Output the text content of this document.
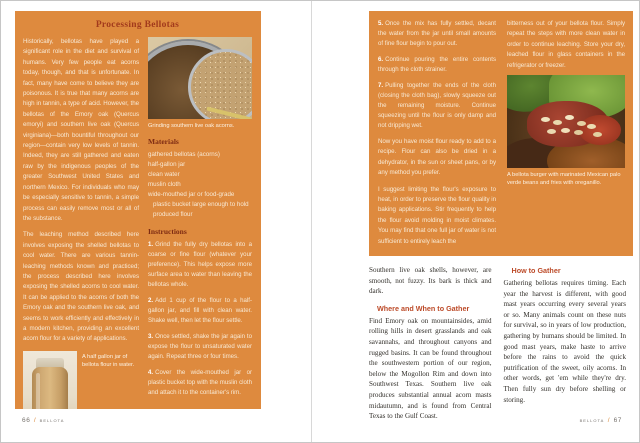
Processing Bellotas

Historically, bellotas have played a significant role in the diet and survival of humans. Very few people eat acorns today, though, and that is unfortunate. In fact, many have come to believe they are poisonous. It is true that many acorns are high in tannin, a type of acid. However, the bellotas of the Emory oak (Quercus emoryi) and southern live oak (Quercus virginiana)—both bountiful throughout our region—contain very low levels of tannin. Indeed, they are still gathered and eaten raw by the indigenous peoples of the greater Southwest United States and northern Mexico. For individuals who may be especially sensitive to tannin, a simple process can easily remove most or all of the substance.

The leaching method described here involves exposing the shelled bellotas to cool water. There are various tannin-leaching methods known and practiced; the process described here involves exposing the shelled acorns to cool water. It can be applied to the acorns of both the Emory oak and the southern live oak, and seems to work efficiently and effectively in a modern kitchen, providing an excellent acorn flour for a variety of applications.

A half gallon jar of bellota flour in water.
Grinding southern live oak acorns.
Materials
gathered bellotas (acorns)
half-gallon jar
clean water
muslin cloth
wide-mouthed jar or food-grade plastic bucket large enough to hold produced flour
Instructions

1. Grind the fully dry bellotas into a coarse or fine flour (whatever your preference). This helps expose more surface area to water than leaving the bellotas whole.

2. Add 1 cup of the flour to a half-gallon jar, and fill with clean water. Shake well, then let the flour settle.

3. Once settled, shake the jar again to expose the flour to unsaturated water again. Repeat three or four times.

4. Cover the wide-mouthed jar or plastic bucket top with the muslin cloth and attach it to the container's rim.

66 / bellota

5. Once the mix has fully settled, decant the water from the jar until small amounts of fine flour begin to pour out.

6. Continue pouring the entire contents through the cloth strainer.

7. Pulling together the ends of the cloth (closing the cloth bag), slowly squeeze out the remaining moisture. Continue squeezing until the flour is only damp and not dripping wet.

Now you have moist flour ready to add to a recipe. Flour can also be dried in a dehydrator, in the sun or sheet pans, or by any method you prefer.

I suggest limiting the flour's exposure to heat, in order to preserve the flour quality in baking applications. Stir frequently to help the flour avoid molding in moist climates. You may find that one full jar of water is not sufficient to entirely leach the

bitterness out of your bellota flour. Simply repeat the steps with more clean water in order to continue leaching. Store your dry, leached flour in glass containers in the refrigerator or freezer.

A bellota burger with marinated Mexican palo verde beans and fries with oreganillo.

Southern live oak shells, however, are smooth, not fuzzy. Its bark is thick and dark.

Where and When to Gather

Find Emory oak on mountainsides, amid rolling hills in desert grasslands and oak savannahs, and throughout canyons and rugged basins. It can be found throughout the southwestern portion of our region, below the Mogollon Rim and down into Southwest Texas. Southern live oak produces substantial annual acorn masts midautumn, and is found from Central Texas to the Gulf Coast.

How to Gather

Gathering bellotas requires timing. Each year the harvest is different, with good mast years occurring every several years or so. Many animals count on these nuts for survival, so in years of low production, gathering by humans should be limited. In good mast years, make haste to arrive before the rains to avoid the quick putrification of the sweet, oily acorns. In other words, get 'em while they're dry. Then fully sun dry before shelling or storing.

bellota / 67
